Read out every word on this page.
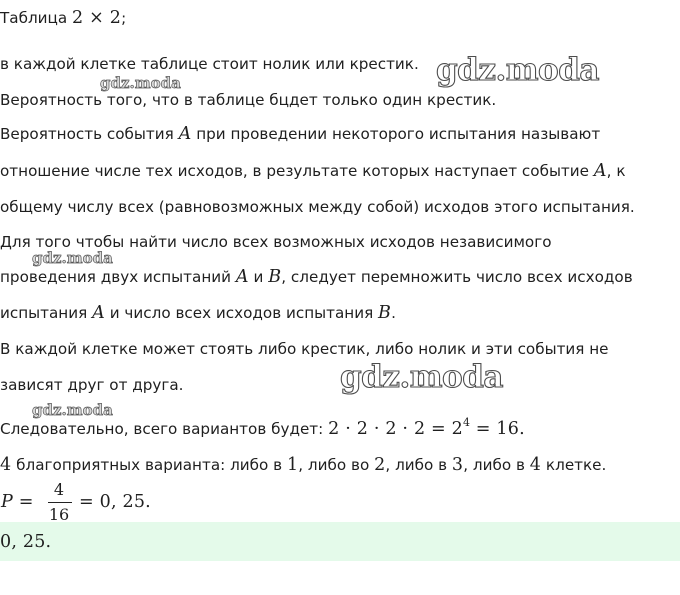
gdz.moda
gdz.moda
gdz.moda
gdz.moda
gdz.moda
Таблица 2 × 2;
в каждой клетке таблице стоит нолик или крестик.
Вероятность того, что в таблице бцдет только один крестик.
Вероятность события A при проведении некоторого испытания называют
отношение числе тех исходов, в результате которых наступает событие A, к
общему числу всех (равновозможных между собой) исходов этого испытания.
Для того чтобы найти число всех возможных исходов независимого
проведения двух испытаний A и B, следует перемножить число всех исходов
испытания A и число всех исходов испытания B.
В каждой клетке может стоять либо крестик, либо нолик и эти события не
зависят друг от друга.
Следовательно, всего вариантов будет: $2 \cdot 2 \cdot 2 \cdot 2 = 2^4 = 16$.
4 благоприятных варианта: либо в 1, либо во 2, либо в 3, либо в 4 клетке.
P =
4
16
= 0, 25.
0, 25.
